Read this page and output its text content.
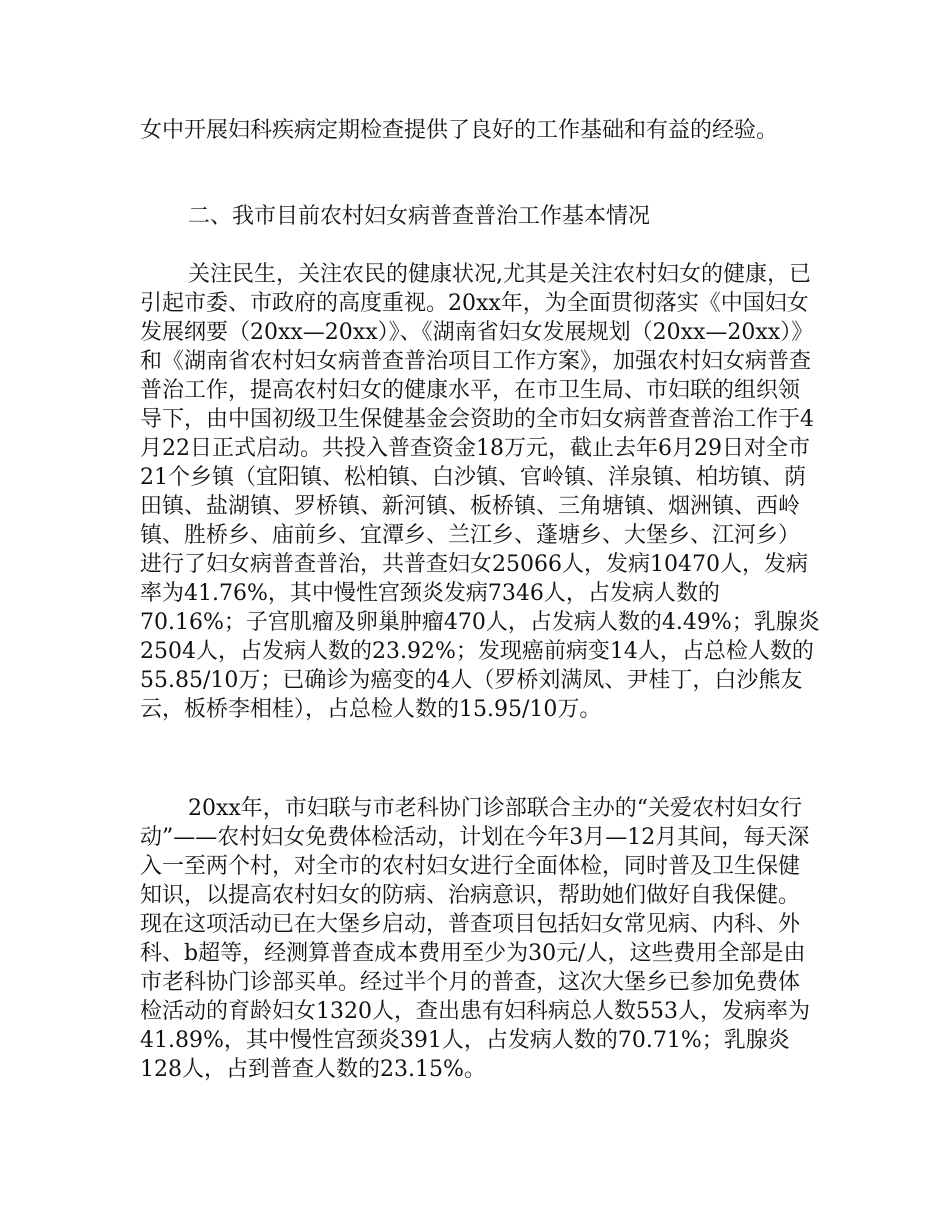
女中开展妇科疾病定期检查提供了良好的工作基础和有益的经验。

二、我市目前农村妇女病普查普治工作基本情况

关注民生，关注农民的健康状况,尤其是关注农村妇女的健康，已引起市委、市政府的高度重视。20xx年，为全面贯彻落实《中国妇女发展纲要（20xx—20xx）》、《湖南省妇女发展规划（20xx—20xx）》和《湖南省农村妇女病普查普治项目工作方案》，加强农村妇女病普查普治工作，提高农村妇女的健康水平，在市卫生局、市妇联的组织领导下，由中国初级卫生保健基金会资助的全市妇女病普查普治工作于4月22日正式启动。共投入普查资金18万元，截止去年6月29日对全市21个乡镇（宜阳镇、松柏镇、白沙镇、官岭镇、洋泉镇、柏坊镇、荫田镇、盐湖镇、罗桥镇、新河镇、板桥镇、三角塘镇、烟洲镇、西岭镇、胜桥乡、庙前乡、宜潭乡、兰江乡、蓬塘乡、大堡乡、江河乡）进行了妇女病普查普治，共普查妇女25066人，发病10470人，发病率为41.76%，其中慢性宫颈炎发病7346人，占发病人数的70.16%；子宫肌瘤及卵巢肿瘤470人，占发病人数的4.49%；乳腺炎2504人，占发病人数的23.92%；发现癌前病变14人，占总检人数的55.85/10万；已确诊为癌变的4人（罗桥刘满凤、尹桂丁，白沙熊友云，板桥李相桂），占总检人数的15.95/10万。

20xx年，市妇联与市老科协门诊部联合主办的“关爱农村妇女行动”——农村妇女免费体检活动，计划在今年3月—12月其间，每天深入一至两个村，对全市的农村妇女进行全面体检，同时普及卫生保健知识，以提高农村妇女的防病、治病意识，帮助她们做好自我保健。现在这项活动已在大堡乡启动，普查项目包括妇女常见病、内科、外科、b超等，经测算普查成本费用至少为30元/人，这些费用全部是由市老科协门诊部买单。经过半个月的普查，这次大堡乡已参加免费体检活动的育龄妇女1320人，查出患有妇科病总人数553人，发病率为41.89%，其中慢性宫颈炎391人，占发病人数的70.71%；乳腺炎128人，占到普查人数的23.15%。
